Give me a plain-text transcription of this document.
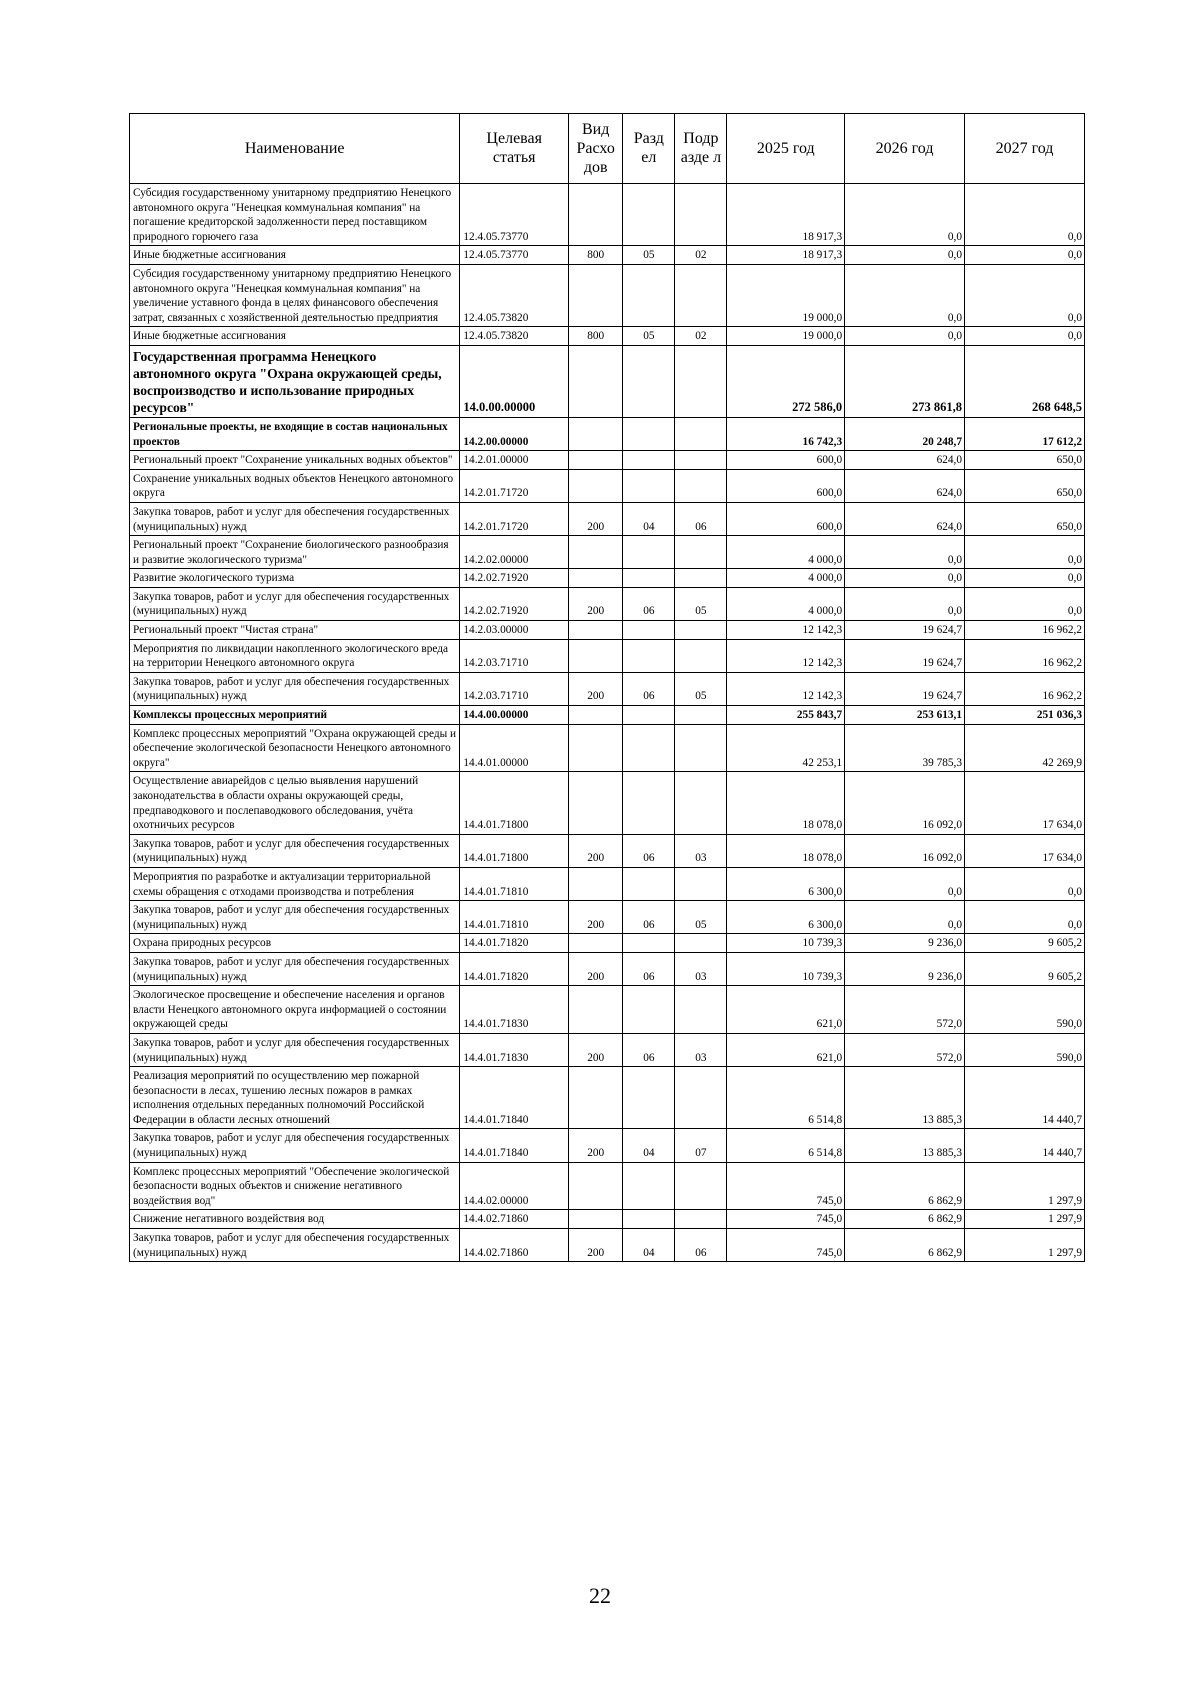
Наименование	Целевая статья	Вид Расхо дов	Разд ел	Подр азде л	2025 год	2026 год	2027 год
Субсидия государственному унитарному предприятию Ненецкого автономного округа "Ненецкая коммунальная компания" на погашение кредиторской задолженности перед поставщиком природного горючего газа	12.4.05.73770				18 917,3	0,0	0,0
Иные бюджетные ассигнования	12.4.05.73770	800	05	02	18 917,3	0,0	0,0
Субсидия государственному унитарному предприятию Ненецкого автономного округа "Ненецкая коммунальная компания" на увеличение уставного фонда в целях финансового обеспечения затрат, связанных с хозяйственной деятельностью предприятия	12.4.05.73820				19 000,0	0,0	0,0
Иные бюджетные ассигнования	12.4.05.73820	800	05	02	19 000,0	0,0	0,0
Государственная программа Ненецкого автономного округа "Охрана окружающей среды, воспроизводство и использование природных ресурсов"	14.0.00.00000				272 586,0	273 861,8	268 648,5
Региональные проекты, не входящие в состав национальных проектов	14.2.00.00000				16 742,3	20 248,7	17 612,2
Региональный проект "Сохранение уникальных водных объектов"	14.2.01.00000				600,0	624,0	650,0
Сохранение уникальных водных объектов Ненецкого автономного округа	14.2.01.71720				600,0	624,0	650,0
Закупка товаров, работ и услуг для обеспечения государственных (муниципальных) нужд	14.2.01.71720	200	04	06	600,0	624,0	650,0
Региональный проект "Сохранение биологического разнообразия и развитие экологического туризма"	14.2.02.00000				4 000,0	0,0	0,0
Развитие экологического туризма	14.2.02.71920				4 000,0	0,0	0,0
Закупка товаров, работ и услуг для обеспечения государственных (муниципальных) нужд	14.2.02.71920	200	06	05	4 000,0	0,0	0,0
Региональный проект "Чистая страна"	14.2.03.00000				12 142,3	19 624,7	16 962,2
Мероприятия по ликвидации накопленного экологического вреда на территории Ненецкого автономного округа	14.2.03.71710				12 142,3	19 624,7	16 962,2
Закупка товаров, работ и услуг для обеспечения государственных (муниципальных) нужд	14.2.03.71710	200	06	05	12 142,3	19 624,7	16 962,2
Комплексы процессных мероприятий	14.4.00.00000				255 843,7	253 613,1	251 036,3
Комплекс процессных мероприятий "Охрана окружающей среды и обеспечение экологической безопасности Ненецкого автономного округа"	14.4.01.00000				42 253,1	39 785,3	42 269,9
Осуществление авиарейдов с целью выявления нарушений законодательства в области охраны окружающей среды, предпаводкового и послепаводкового обследования, учёта охотничьих ресурсов	14.4.01.71800				18 078,0	16 092,0	17 634,0
Закупка товаров, работ и услуг для обеспечения государственных (муниципальных) нужд	14.4.01.71800	200	06	03	18 078,0	16 092,0	17 634,0
Мероприятия по разработке и актуализации территориальной схемы обращения с отходами производства и потребления	14.4.01.71810				6 300,0	0,0	0,0
Закупка товаров, работ и услуг для обеспечения государственных (муниципальных) нужд	14.4.01.71810	200	06	05	6 300,0	0,0	0,0
Охрана природных ресурсов	14.4.01.71820				10 739,3	9 236,0	9 605,2
Закупка товаров, работ и услуг для обеспечения государственных (муниципальных) нужд	14.4.01.71820	200	06	03	10 739,3	9 236,0	9 605,2
Экологическое просвещение и обеспечение населения и органов власти Ненецкого автономного округа информацией о состоянии окружающей среды	14.4.01.71830				621,0	572,0	590,0
Закупка товаров, работ и услуг для обеспечения государственных (муниципальных) нужд	14.4.01.71830	200	06	03	621,0	572,0	590,0
Реализация мероприятий по осуществлению мер пожарной безопасности в лесах, тушению лесных пожаров в рамках исполнения отдельных переданных полномочий Российской Федерации в области лесных отношений	14.4.01.71840				6 514,8	13 885,3	14 440,7
Закупка товаров, работ и услуг для обеспечения государственных (муниципальных) нужд	14.4.01.71840	200	04	07	6 514,8	13 885,3	14 440,7
Комплекс процессных мероприятий "Обеспечение экологической безопасности водных объектов и снижение негативного воздействия вод"	14.4.02.00000				745,0	6 862,9	1 297,9
Снижение негативного воздействия вод	14.4.02.71860				745,0	6 862,9	1 297,9
Закупка товаров, работ и услуг для обеспечения государственных (муниципальных) нужд	14.4.02.71860	200	04	06	745,0	6 862,9	1 297,9
22
